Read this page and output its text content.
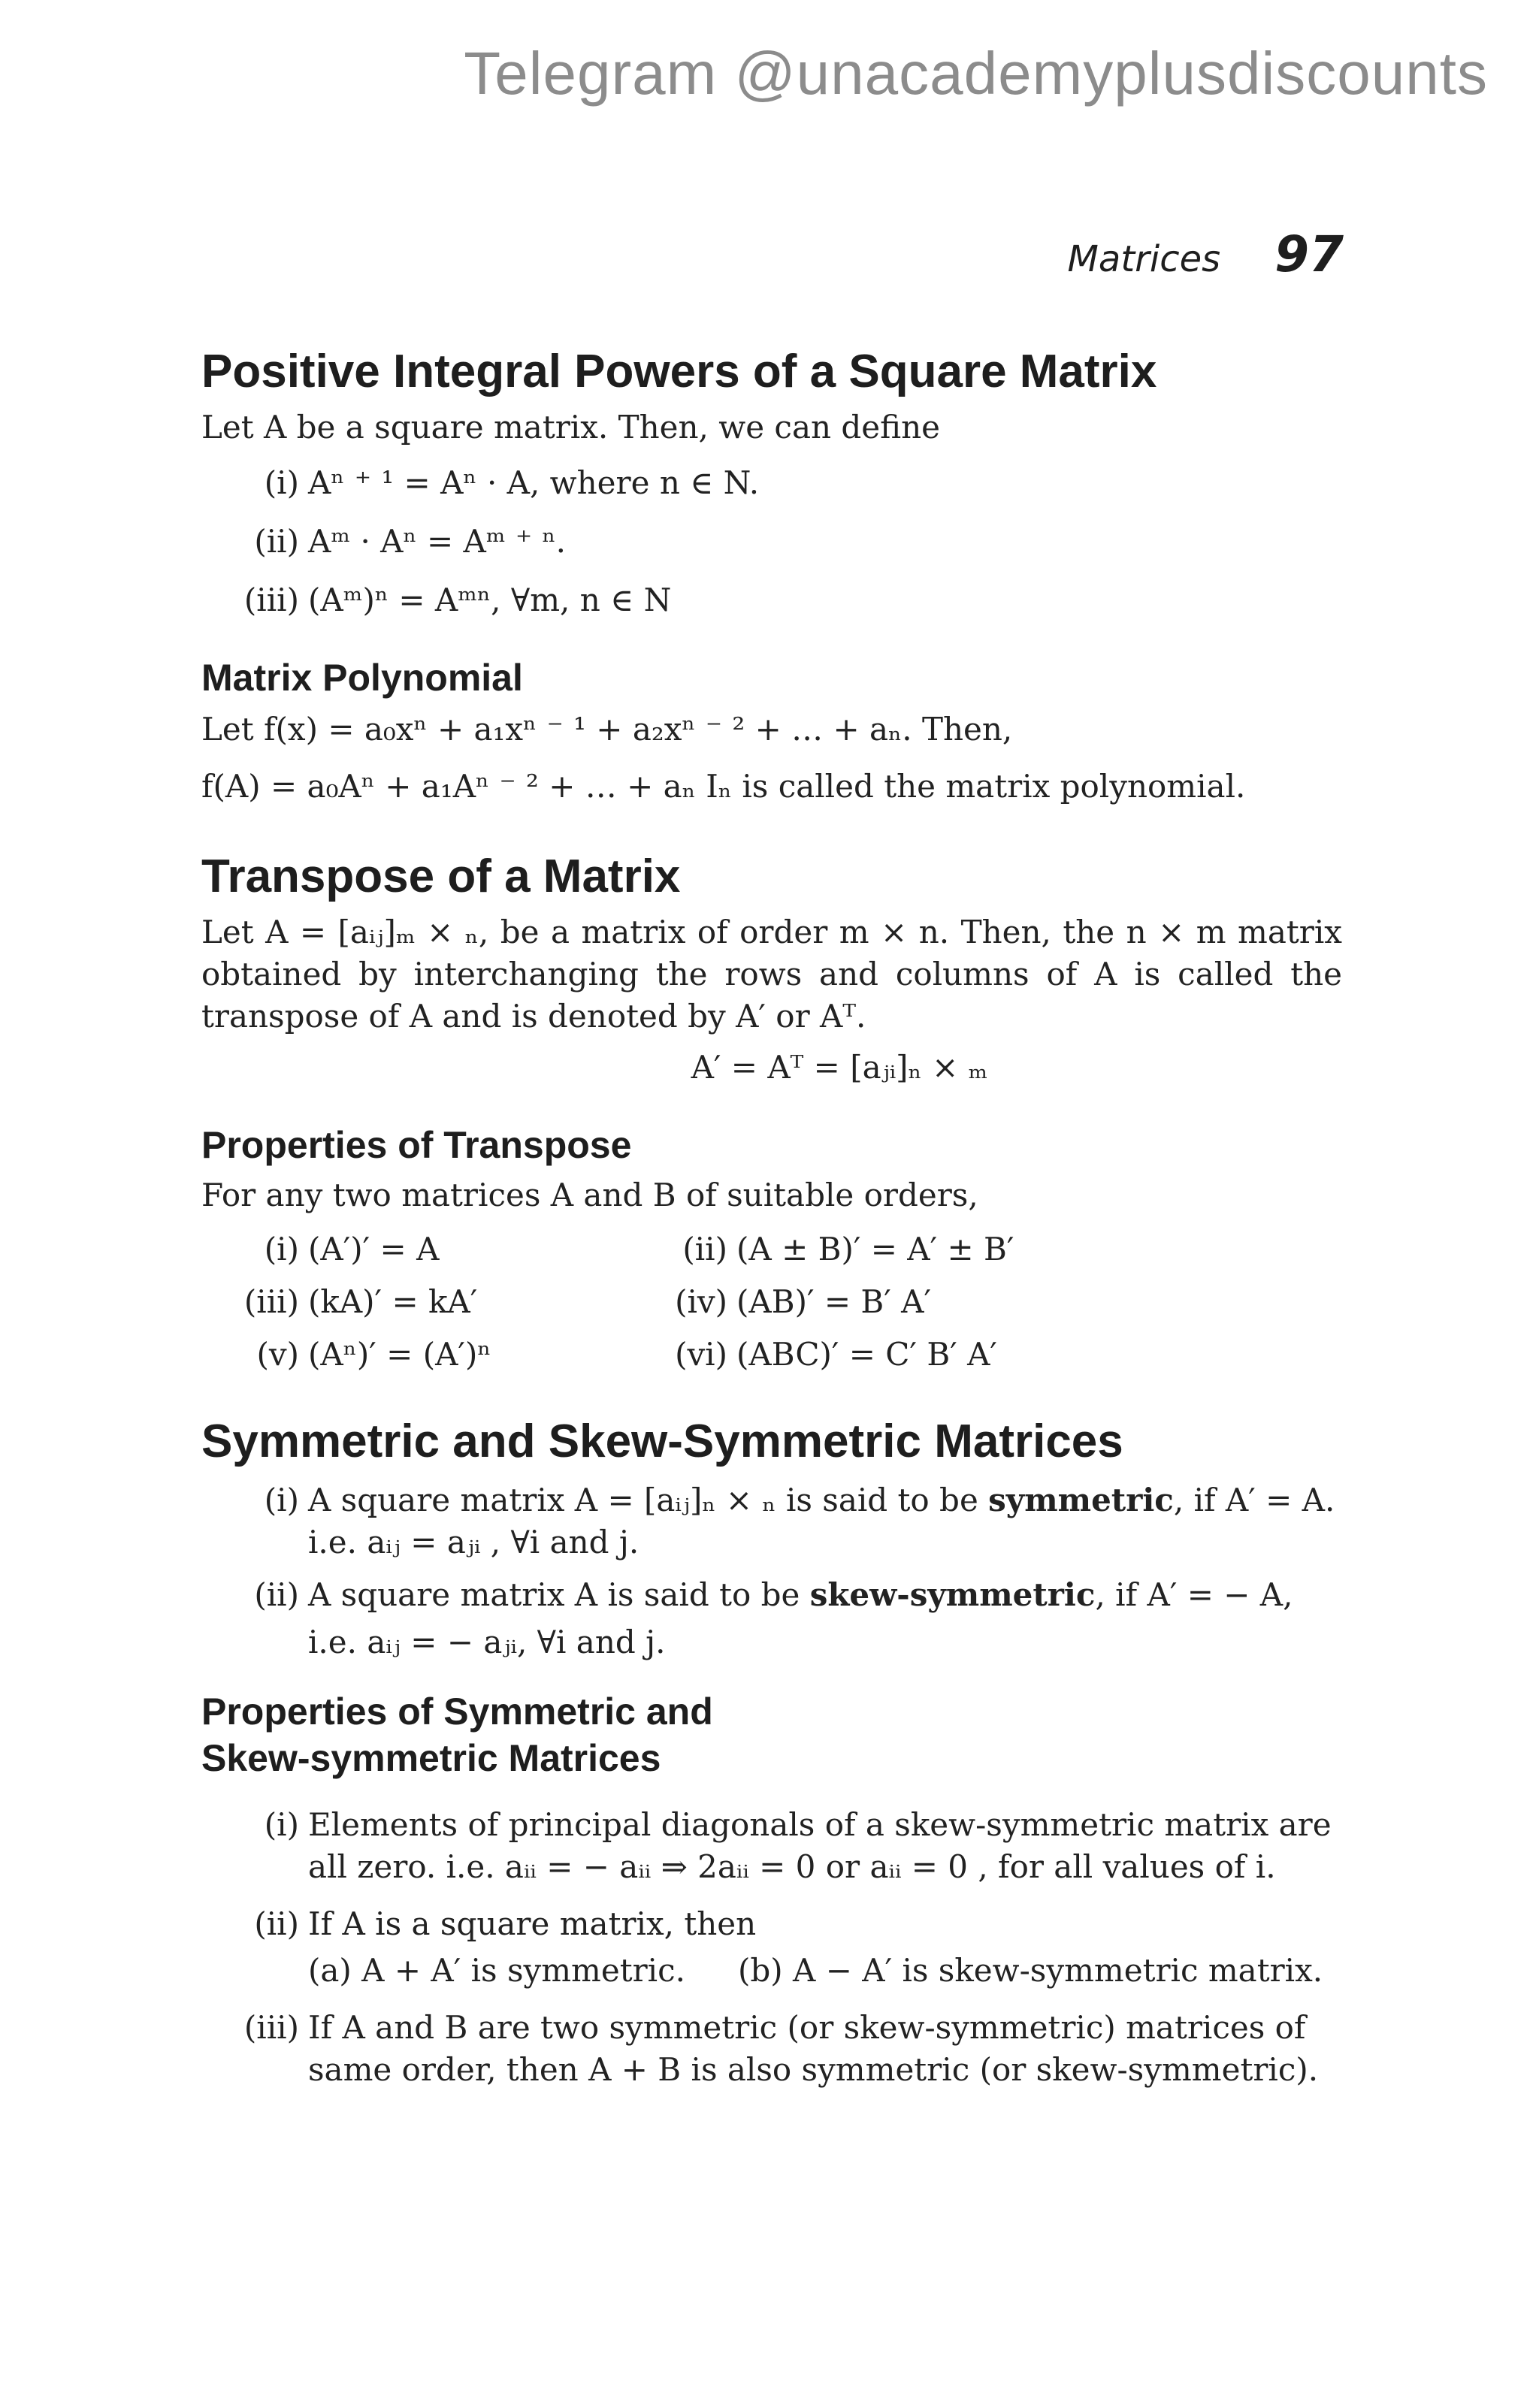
Telegram @unacademyplusdiscounts
Matrices 97
Positive Integral Powers of a Square Matrix

Let A be a square matrix. Then, we can define

(i) Aⁿ ⁺ ¹ = Aⁿ · A, where n ∈ N.
(ii) Aᵐ · Aⁿ = Aᵐ ⁺ ⁿ.
(iii) (Aᵐ)ⁿ = Aᵐⁿ, ∀m, n ∈ N
Matrix Polynomial

Let f(x) = a₀xⁿ + a₁xⁿ ⁻ ¹ + a₂xⁿ ⁻ ² + … + aₙ. Then,

f(A) = a₀Aⁿ + a₁Aⁿ ⁻ ² + … + aₙ Iₙ is called the matrix polynomial.

Transpose of a Matrix

Let A = [aᵢⱼ]ₘ × ₙ, be a matrix of order m × n. Then, the n × m matrix obtained by interchanging the rows and columns of A is called the transpose of A and is denoted by A′ or Aᵀ.

A′ = Aᵀ = [aⱼᵢ]ₙ × ₘ

Properties of Transpose

For any two matrices A and B of suitable orders,

(i) (A′)′ = A	(ii) (A ± B)′ = A′ ± B′
(iii) (kA)′ = kA′	(iv) (AB)′ = B′ A′
(v) (Aⁿ)′ = (A′)ⁿ	(vi) (ABC)′ = C′ B′ A′
Symmetric and Skew-Symmetric Matrices
(i) A square matrix A = [aᵢⱼ]ₙ × ₙ is said to be symmetric, if A′ = A.
i.e. aᵢⱼ = aⱼᵢ , ∀i and j.
(ii) A square matrix A is said to be skew-symmetric, if A′ = − A,
i.e. aᵢⱼ = − aⱼᵢ, ∀i and j.
Properties of Symmetric and
Skew-symmetric Matrices
(i) Elements of principal diagonals of a skew-symmetric matrix are
all zero. i.e. aᵢᵢ = − aᵢᵢ ⇒ 2aᵢᵢ = 0 or aᵢᵢ = 0 , for all values of i.
(ii) If A is a square matrix, then
(a) A + A′ is symmetric. (b) A − A′ is skew-symmetric matrix.
(iii) If A and B are two symmetric (or skew-symmetric) matrices of
same order, then A + B is also symmetric (or skew-symmetric).
